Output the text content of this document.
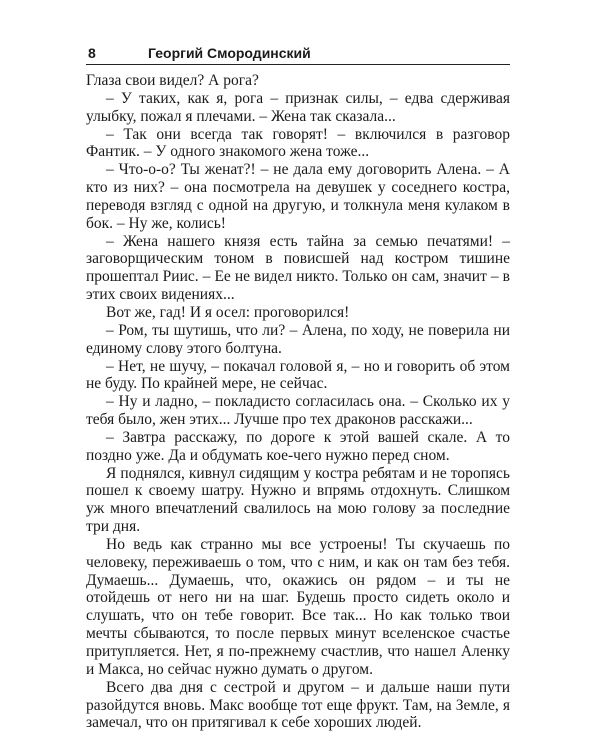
8	Георгий Смородинский

Глаза свои видел? А рога?

– У таких, как я, рога – признак силы, – едва сдерживая улыбку, пожал я плечами. – Жена так сказала...

– Так они всегда так говорят! – включился в разговор Фантик. – У одного знакомого жена тоже...

– Что-о-о? Ты женат?! – не дала ему договорить Алена. – А кто из них? – она посмотрела на девушек у соседнего костра, переводя взгляд с одной на другую, и толкнула меня кулаком в бок. – Ну же, колись!

– Жена нашего князя есть тайна за семью печатями! – заговорщическим тоном в повисшей над костром тишине прошептал Риис. – Ее не видел никто. Только он сам, значит – в этих своих видениях...

Вот же, гад! И я осел: проговорился!

– Ром, ты шутишь, что ли? – Алена, по ходу, не поверила ни единому слову этого болтуна.

– Нет, не шучу, – покачал головой я, – но и говорить об этом не буду. По крайней мере, не сейчас.

– Ну и ладно, – покладисто согласилась она. – Сколько их у тебя было, жен этих... Лучше про тех драконов расскажи...

– Завтра расскажу, по дороге к этой вашей скале. А то поздно уже. Да и обдумать кое-чего нужно перед сном.

Я поднялся, кивнул сидящим у костра ребятам и не торопясь пошел к своему шатру. Нужно и впрямь отдохнуть. Слишком уж много впечатлений свалилось на мою голову за последние три дня.

Но ведь как странно мы все устроены! Ты скучаешь по человеку, переживаешь о том, что с ним, и как он там без тебя. Думаешь... Думаешь, что, окажись он рядом – и ты не отойдешь от него ни на шаг. Будешь просто сидеть около и слушать, что он тебе говорит. Все так... Но как только твои мечты сбываются, то после первых минут вселенское счастье притупляется. Нет, я по-прежнему счастлив, что нашел Аленку и Макса, но сейчас нужно думать о другом.

Всего два дня с сестрой и другом – и дальше наши пути разойдутся вновь. Макс вообще тот еще фрукт. Там, на Земле, я замечал, что он притягивал к себе хороших людей.
